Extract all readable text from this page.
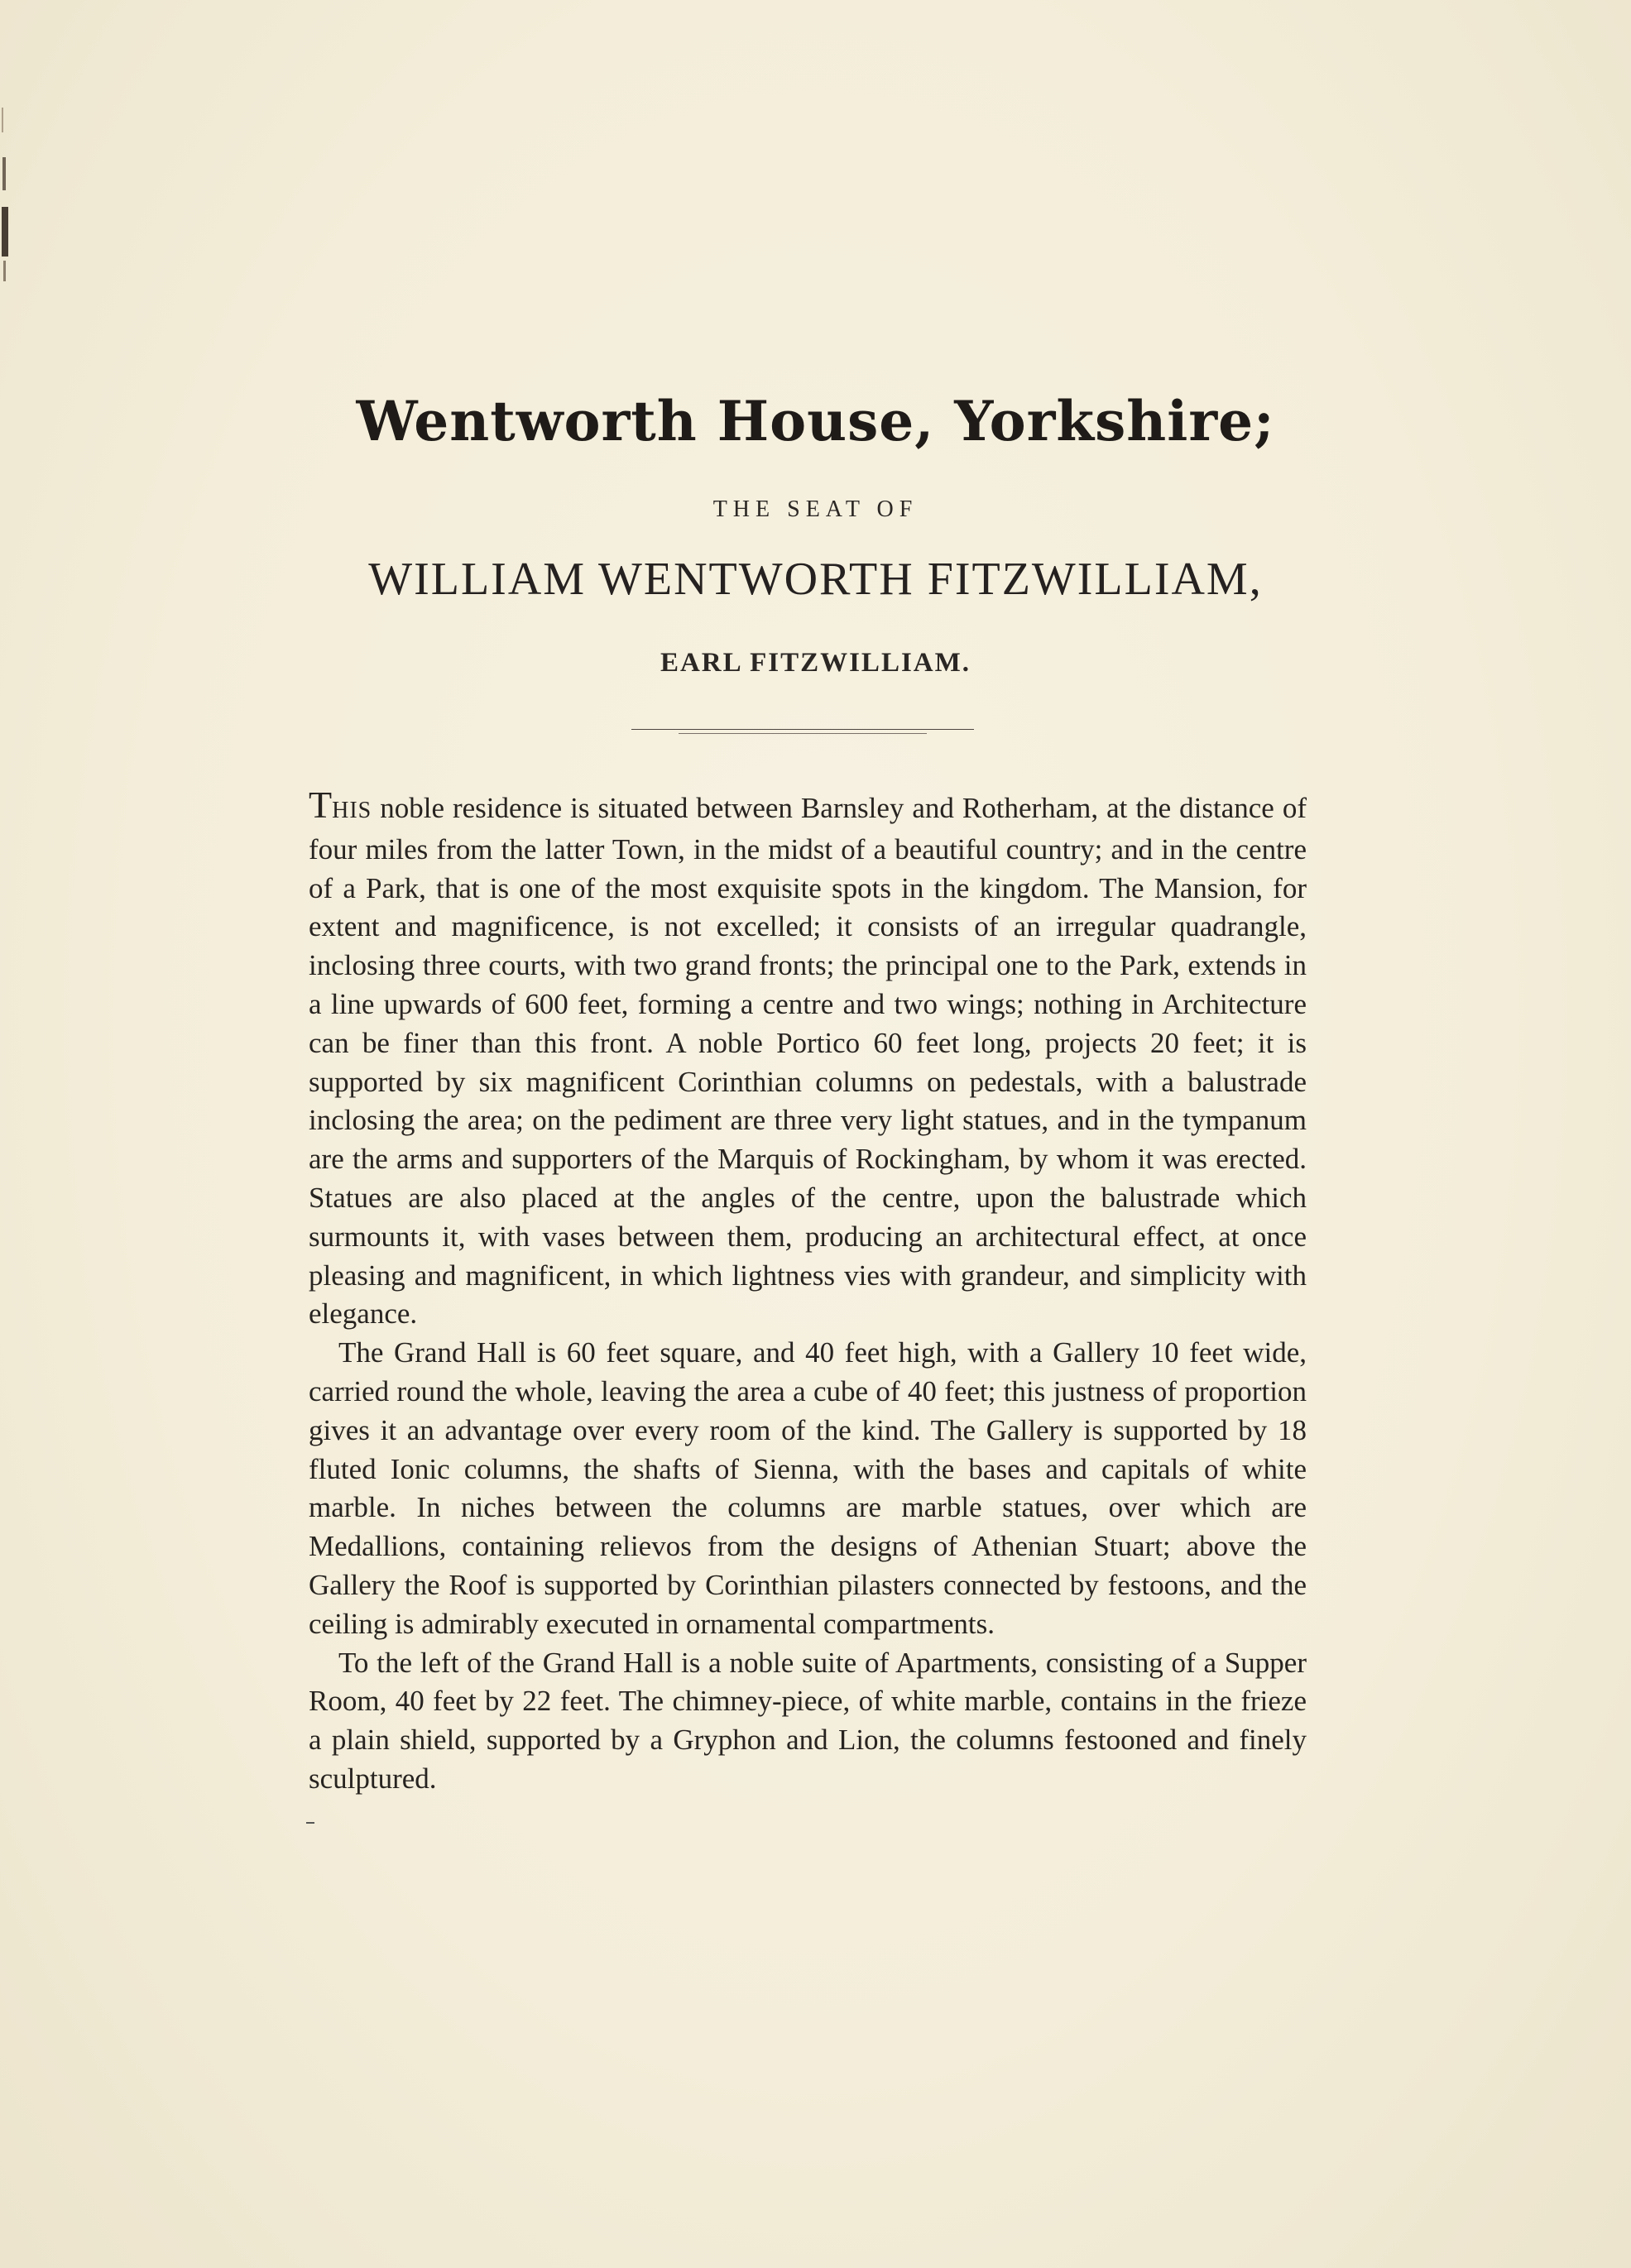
Wentworth House, Yorkshire;
THE SEAT OF
WILLIAM WENTWORTH FITZWILLIAM,
EARL FITZWILLIAM.

THIS noble residence is situated between Barnsley and Rotherham, at the distance of four miles from the latter Town, in the midst of a beautiful country; and in the centre of a Park, that is one of the most exquisite spots in the kingdom. The Mansion, for extent and magnificence, is not excelled; it consists of an irregular quadrangle, inclosing three courts, with two grand fronts; the principal one to the Park, extends in a line upwards of 600 feet, forming a centre and two wings; nothing in Architecture can be finer than this front. A noble Portico 60 feet long, projects 20 feet; it is supported by six magnificent Corinthian columns on pedestals, with a balustrade inclosing the area; on the pediment are three very light statues, and in the tympanum are the arms and supporters of the Marquis of Rockingham, by whom it was erected. Statues are also placed at the angles of the centre, upon the balustrade which surmounts it, with vases between them, producing an architectural effect, at once pleasing and magnificent, in which lightness vies with grandeur, and simplicity with elegance.

The Grand Hall is 60 feet square, and 40 feet high, with a Gallery 10 feet wide, carried round the whole, leaving the area a cube of 40 feet; this justness of proportion gives it an advantage over every room of the kind. The Gallery is supported by 18 fluted Ionic columns, the shafts of Sienna, with the bases and capitals of white marble. In niches between the columns are marble statues, over which are Medallions, containing relievos from the designs of Athenian Stuart; above the Gallery the Roof is supported by Corinthian pilasters connected by festoons, and the ceiling is admirably executed in ornamental compartments.

To the left of the Grand Hall is a noble suite of Apartments, consisting of a Supper Room, 40 feet by 22 feet. The chimney-piece, of white marble, contains in the frieze a plain shield, supported by a Gryphon and Lion, the columns festooned and finely sculptured.
